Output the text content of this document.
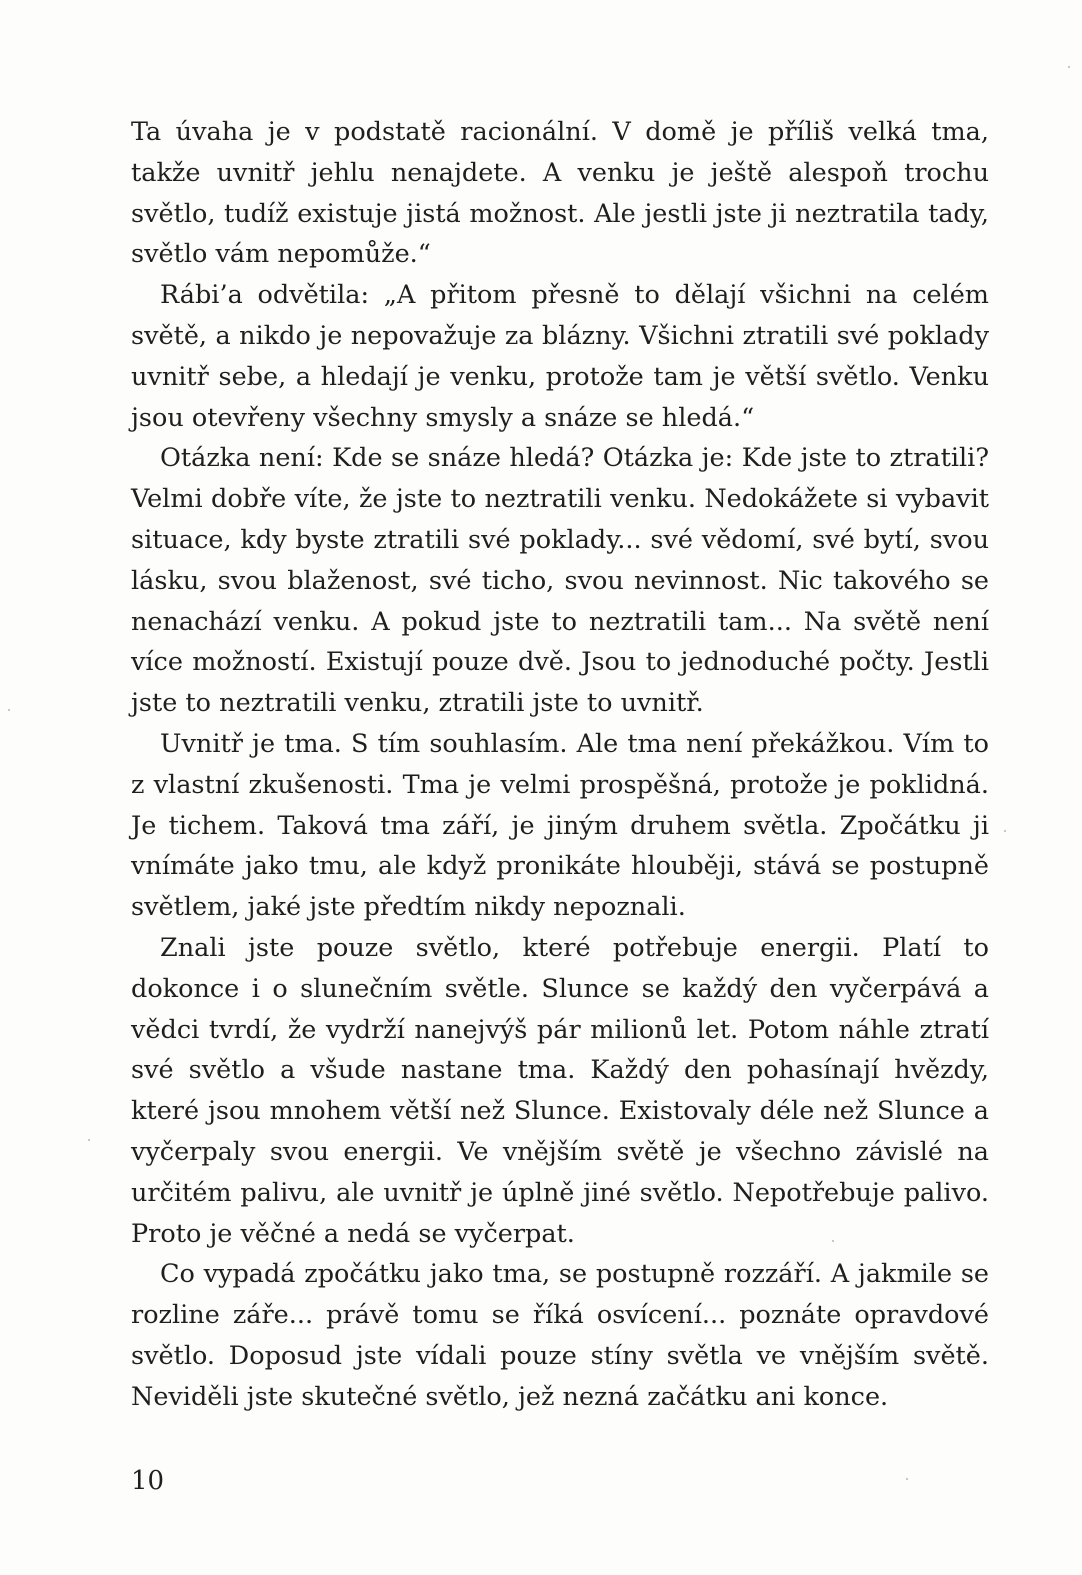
Ta úvaha je v podstatě racionální. V domě je příliš velká tma, takže uvnitř jehlu nenajdete. A venku je ještě alespoň trochu světlo, tudíž existuje jistá možnost. Ale jestli jste ji neztratila tady, světlo vám nepomůže.“

Rábi’a odvětila: „A přitom přesně to dělají všichni na celém světě, a nikdo je nepovažuje za blázny. Všichni ztratili své poklady uvnitř sebe, a hledají je venku, protože tam je větší světlo. Venku jsou otevřeny všechny smysly a snáze se hledá.“

Otázka není: Kde se snáze hledá? Otázka je: Kde jste to ztratili? Velmi dobře víte, že jste to neztratili venku. Nedokážete si vybavit situace, kdy byste ztratili své poklady... své vědomí, své bytí, svou lásku, svou blaženost, své ticho, svou nevinnost. Nic takového se nenachází venku. A pokud jste to neztratili tam... Na světě není více možností. Existují pouze dvě. Jsou to jednoduché počty. Jestli jste to neztratili venku, ztratili jste to uvnitř.

Uvnitř je tma. S tím souhlasím. Ale tma není překážkou. Vím to z vlastní zkušenosti. Tma je velmi prospěšná, protože je poklidná. Je tichem. Taková tma září, je jiným druhem světla. Zpočátku ji vnímáte jako tmu, ale když pronikáte hlouběji, stává se postupně světlem, jaké jste předtím nikdy nepoznali.

Znali jste pouze světlo, které potřebuje energii. Platí to dokonce i o slunečním světle. Slunce se každý den vyčerpává a vědci tvrdí, že vydrží nanejvýš pár milionů let. Potom náhle ztratí své světlo a všude nastane tma. Každý den pohasínají hvězdy, které jsou mnohem větší než Slunce. Existovaly déle než Slunce a vyčerpaly svou energii. Ve vnějším světě je všechno závislé na určitém palivu, ale uvnitř je úplně jiné světlo. Nepotřebuje palivo. Proto je věčné a nedá se vyčerpat.

Co vypadá zpočátku jako tma, se postupně rozzáří. A jakmile se rozline záře... právě tomu se říká osvícení... poznáte opravdové světlo. Doposud jste vídali pouze stíny světla ve vnějším světě. Neviděli jste skutečné světlo, jež nezná začátku ani konce.

10
